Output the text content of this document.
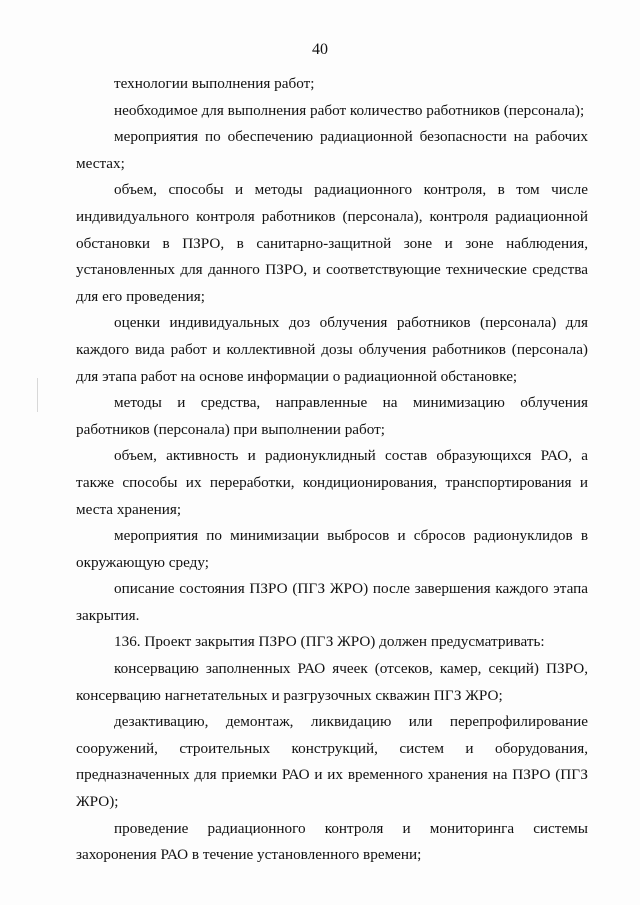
40

технологии выполнения работ;

необходимое для выполнения работ количество работников (персонала);

мероприятия по обеспечению радиационной безопасности на рабочих местах;

объем, способы и методы радиационного контроля, в том числе индивидуального контроля работников (персонала), контроля радиационной обстановки в ПЗРО, в санитарно-защитной зоне и зоне наблюдения, установленных для данного ПЗРО, и соответствующие технические средства для его проведения;

оценки индивидуальных доз облучения работников (персонала) для каждого вида работ и коллективной дозы облучения работников (персонала) для этапа работ на основе информации о радиационной обстановке;

методы и средства, направленные на минимизацию облучения работников (персонала) при выполнении работ;

объем, активность и радионуклидный состав образующихся РАО, а также способы их переработки, кондиционирования, транспортирования и места хранения;

мероприятия по минимизации выбросов и сбросов радионуклидов в окружающую среду;

описание состояния ПЗРО (ПГЗ ЖРО) после завершения каждого этапа закрытия.

136. Проект закрытия ПЗРО (ПГЗ ЖРО) должен предусматривать:

консервацию заполненных РАО ячеек (отсеков, камер, секций) ПЗРО, консервацию нагнетательных и разгрузочных скважин ПГЗ ЖРО;

дезактивацию, демонтаж, ликвидацию или перепрофилирование сооружений, строительных конструкций, систем и оборудования, предназначенных для приемки РАО и их временного хранения на ПЗРО (ПГЗ ЖРО);

проведение радиационного контроля и мониторинга системы захоронения РАО в течение установленного времени;
